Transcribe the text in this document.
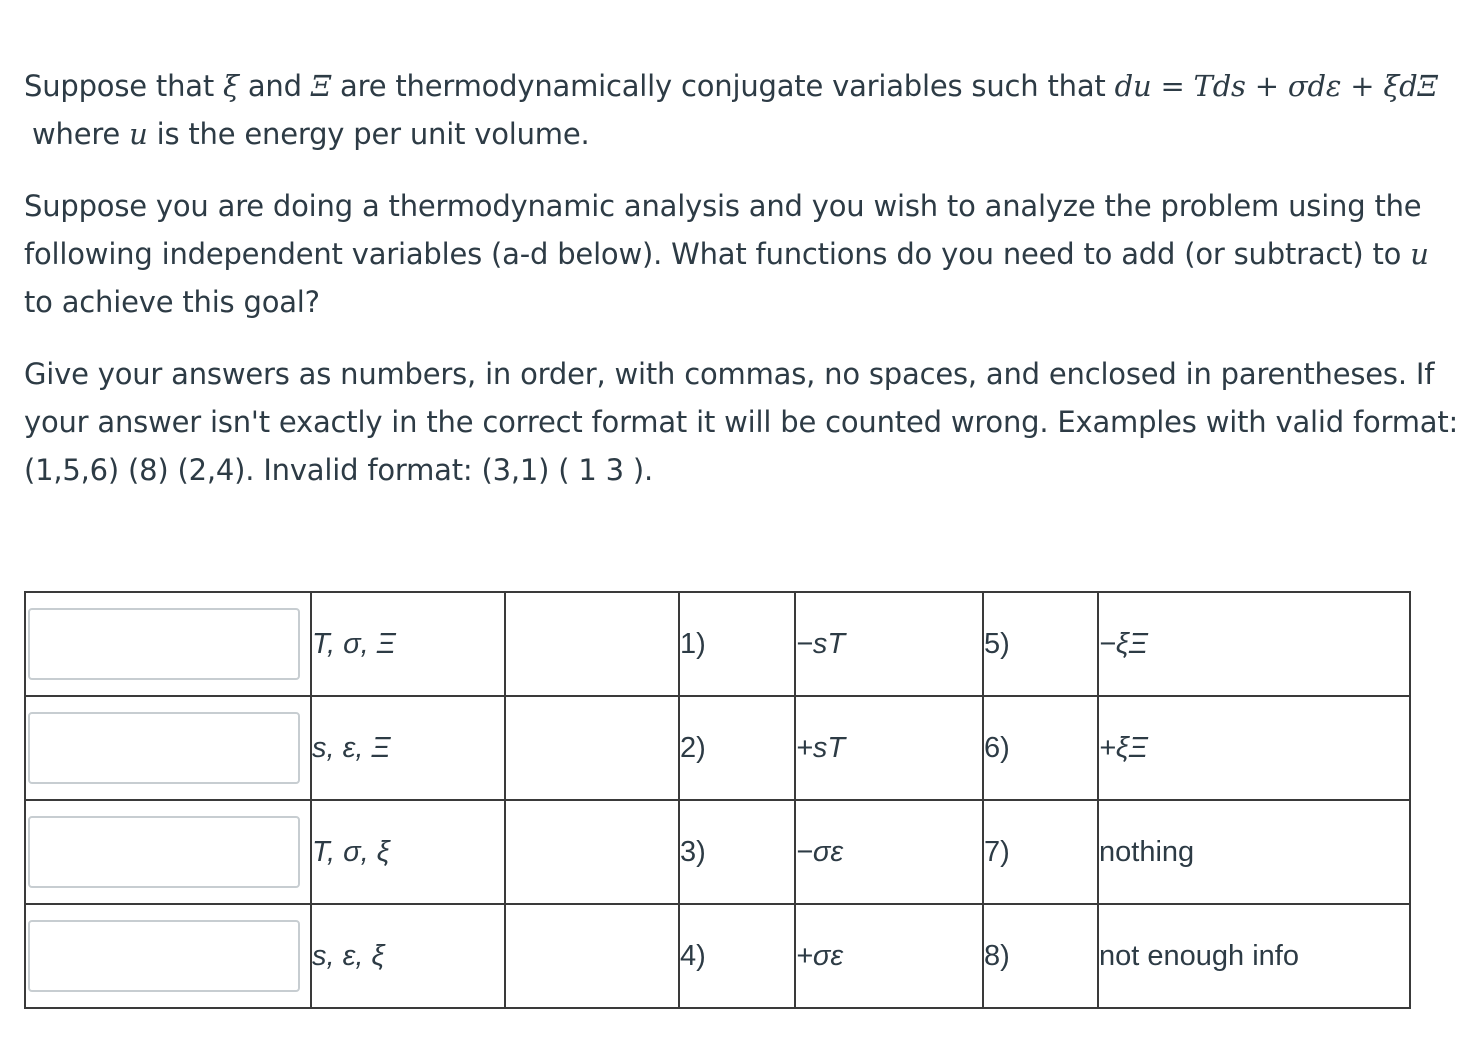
Suppose that ξ and Ξ are thermodynamically conjugate variables such that du = Tds + σdε + ξdΞ
where u is the energy per unit volume.

Suppose you are doing a thermodynamic analysis and you wish to analyze the problem using the following independent variables (a-d below). What functions do you need to add (or subtract) to u to achieve this goal?

Give your answers as numbers, in order, with commas, no spaces, and enclosed in parentheses. If your answer isn't exactly in the correct format it will be counted wrong. Examples with valid format: (1,5,6) (8) (2,4). Invalid format: (3,1) ( 1 3 ).

	T, σ, Ξ		1)	−sT	5)	−ξΞ

	s, ε, Ξ		2)	+sT	6)	+ξΞ

	T, σ, ξ		3)	−σε	7)	nothing

	s, ε, ξ		4)	+σε	8)	not enough info
